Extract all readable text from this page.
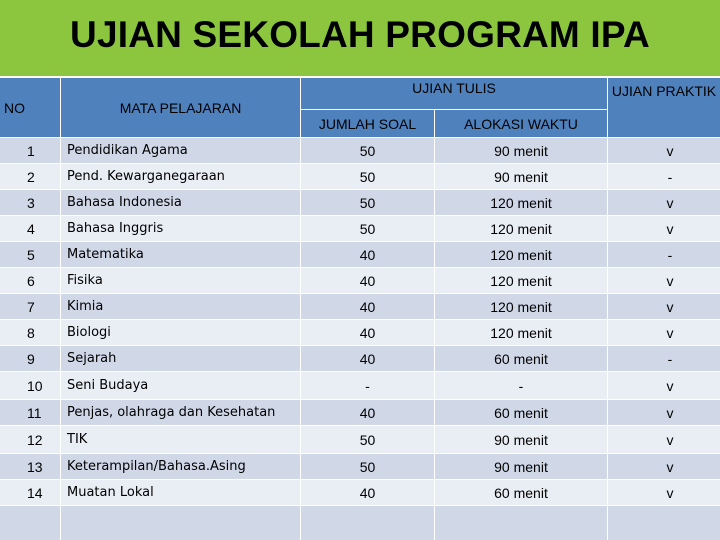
UJIAN SEKOLAH PROGRAM IPA
NO	MATA PELAJARAN
UJIAN TULIS
JUMLAH SOAL	ALOKASI WAKTU
UJIAN PRAKTIK
1	Pendidikan Agama	50	90 menit	v
2	Pend. Kewarganegaraan	50	90 menit	-
3	Bahasa Indonesia	50	120 menit	v
4	Bahasa Inggris	50	120 menit	v
5	Matematika	40	120 menit	-
6	Fisika	40	120 menit	v
7	Kimia	40	120 menit	v
8	Biologi	40	120 menit	v
9	Sejarah	40	60 menit	-
10	Seni Budaya	-	-	v
11	Penjas, olahraga dan Kesehatan	40	60 menit	v
12	TIK	50	90 menit	v
13	Keterampilan/Bahasa.Asing	50	90 menit	v
14	Muatan Lokal	40	60 menit	v
